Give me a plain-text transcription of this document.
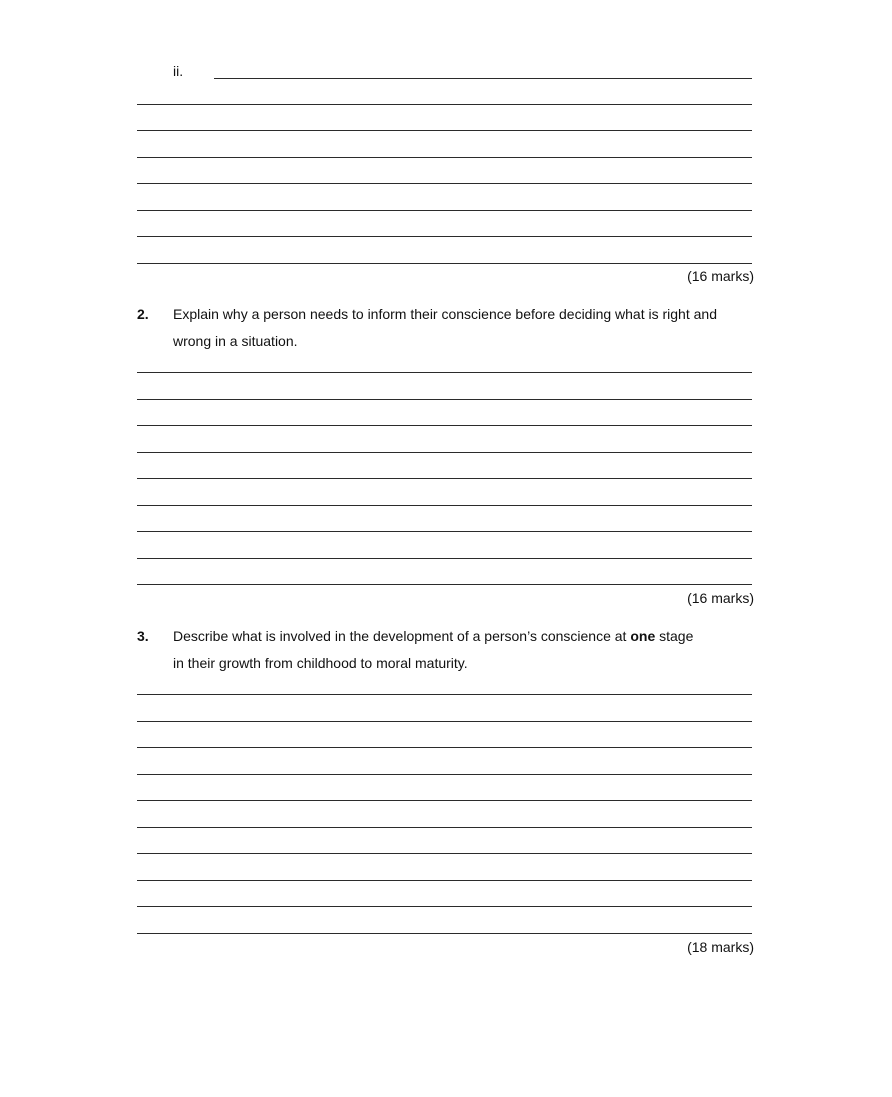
ii.
(16 marks)
2. Explain why a person needs to inform their conscience before deciding what is right and
wrong in a situation.
(16 marks)
3. Describe what is involved in the development of a person’s conscience at one stage
in their growth from childhood to moral maturity.
(18 marks)
